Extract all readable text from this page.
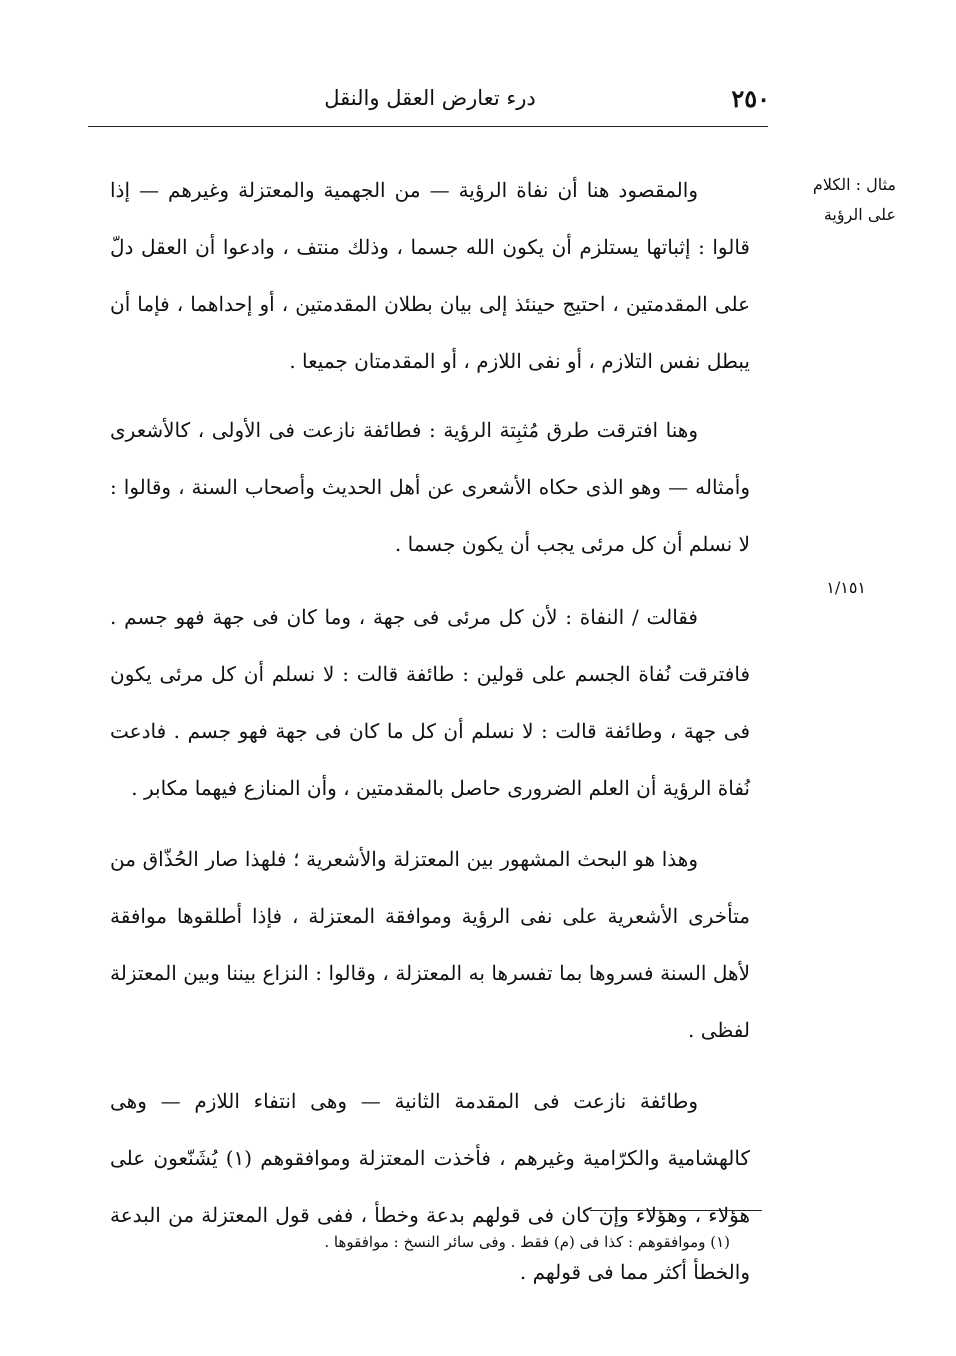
٢٥٠
درء تعارض العقل والنقل
مثال : الكلام على الرؤية
١/١٥١

والمقصود هنا أن نفاة الرؤية — من الجهمية والمعتزلة وغيرهم — إذا قالوا : إثباتها يستلزم أن يكون الله جسما ، وذلك منتف ، وادعوا أن العقل دلّ على المقدمتين ، احتيج حينئذ إلى بيان بطلان المقدمتين ، أو إحداهما ، فإما أن يبطل نفس التلازم ، أو نفى اللازم ، أو المقدمتان جميعا .

وهنا افترقت طرق مُثبِتة الرؤية : فطائفة نازعت فى الأولى ، كالأشعرى وأمثاله — وهو الذى حكاه الأشعرى عن أهل الحديث وأصحاب السنة ، وقالوا : لا نسلم أن كل مرئى يجب أن يكون جسما .

فقالت / النفاة : لأن كل مرئى فى جهة ، وما كان فى جهة فهو جسم . فافترقت نُفاة الجسم على قولين : طائفة قالت : لا نسلم أن كل مرئى يكون فى جهة ، وطائفة قالت : لا نسلم أن كل ما كان فى جهة فهو جسم . فادعت نُفاة الرؤية أن العلم الضرورى حاصل بالمقدمتين ، وأن المنازع فيهما مكابر .

وهذا هو البحث المشهور بين المعتزلة والأشعرية ؛ فلهذا صار الحُذّاق من متأخرى الأشعرية على نفى الرؤية وموافقة المعتزلة ، فإذا أطلقوها موافقة لأهل السنة فسروها بما تفسرها به المعتزلة ، وقالوا : النزاع بيننا وبين المعتزلة لفظى .

وطائفة نازعت فى المقدمة الثانية — وهى انتفاء اللازم — وهى كالهشامية والكرّامية وغيرهم ، فأخذت المعتزلة وموافقوهم (١) يُشَنّعون على هؤلاء ، وهؤلاء وإن كان فى قولهم بدعة وخطأ ، ففى قول المعتزلة من البدعة والخطأ أكثر مما فى قولهم .

(١) وموافقوهم : كذا فى (م) فقط . وفى سائر النسخ : موافقوها .
